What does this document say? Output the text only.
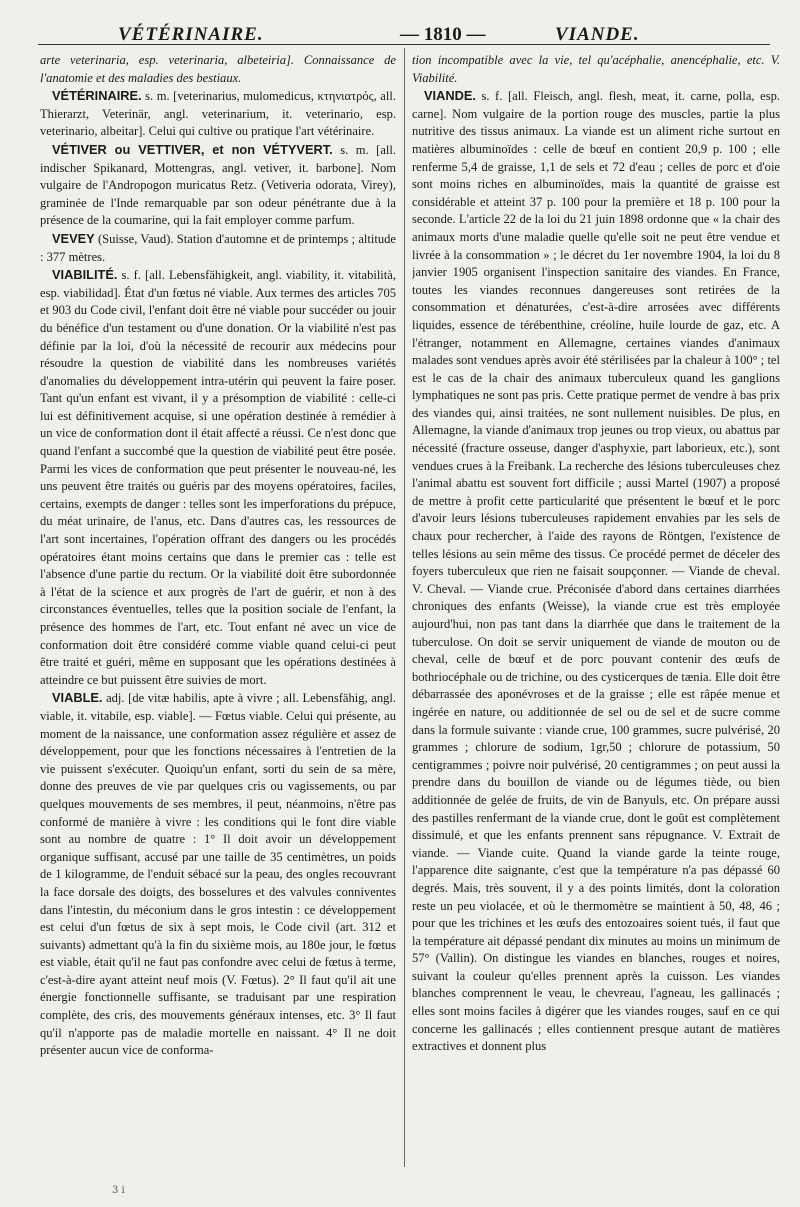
VÉTÉRINAIRE.	— 1810 —	VIANDE.

arte veterinaria, esp. veterinaria, albeteiria]. Connaissance de l'anatomie et des maladies des bestiaux.

VÉTÉRINAIRE. s. m. [veterinarius, mulomedicus, κτηνιατρός, all. Thierarzt, Veterinär, angl. veterinarium, it. veterinario, esp. veterinario, albeitar]. Celui qui cultive ou pratique l'art vétérinaire.

VÉTIVER ou VETTIVER, et non VÉTYVERT. s. m. [all. indischer Spikanard, Mottengras, angl. vetiver, it. barbone]. Nom vulgaire de l'Andropogon muricatus Retz. (Vetiveria odorata, Virey), graminée de l'Inde remarquable par son odeur pénétrante due à la présence de la coumarine, qui la fait employer comme parfum.

VEVEY (Suisse, Vaud). Station d'automne et de printemps ; altitude : 377 mètres.

VIABILITÉ. s. f. [all. Lebensfähigkeit, angl. viability, it. vitabilità, esp. viabilidad]. État d'un fœtus né viable. Aux termes des articles 705 et 903 du Code civil, l'enfant doit être né viable pour succéder ou jouir du bénéfice d'un testament ou d'une donation. Or la viabilité n'est pas définie par la loi, d'où la nécessité de recourir aux médecins pour résoudre la question de viabilité dans les nombreuses variétés d'anomalies du développement intra-utérin qui peuvent la faire poser. Tant qu'un enfant est vivant, il y a présomption de viabilité : celle-ci lui est définitivement acquise, si une opération destinée à remédier à un vice de conformation dont il était affecté a réussi. Ce n'est donc que quand l'enfant a succombé que la question de viabilité peut être posée. Parmi les vices de conformation que peut présenter le nouveau-né, les uns peuvent être traités ou guéris par des moyens opératoires, faciles, certains, exempts de danger : telles sont les imperforations du prépuce, du méat urinaire, de l'anus, etc. Dans d'autres cas, les ressources de l'art sont incertaines, l'opération offrant des dangers ou les procédés opératoires étant moins certains que dans le premier cas : telle est l'absence d'une partie du rectum. Or la viabilité doit être subordonnée à l'état de la science et aux progrès de l'art de guérir, et non à des circonstances éventuelles, telles que la position sociale de l'enfant, la présence des hommes de l'art, etc. Tout enfant né avec un vice de conformation doit être considéré comme viable quand celui-ci peut être traité et guéri, même en supposant que les opérations destinées à atteindre ce but puissent être suivies de mort.

VIABLE. adj. [de vitæ habilis, apte à vivre ; all. Lebensfähig, angl. viable, it. vitabile, esp. viable]. — Fœtus viable. Celui qui présente, au moment de la naissance, une conformation assez régulière et assez de développement, pour que les fonctions nécessaires à l'entretien de la vie puissent s'exécuter. Quoiqu'un enfant, sorti du sein de sa mère, donne des preuves de vie par quelques cris ou vagissements, ou par quelques mouvements de ses membres, il peut, néanmoins, n'être pas conformé de manière à vivre : les conditions qui le font dire viable sont au nombre de quatre : 1° Il doit avoir un développement organique suffisant, accusé par une taille de 35 centimètres, un poids de 1 kilogramme, de l'enduit sébacé sur la peau, des ongles recouvrant la face dorsale des doigts, des bosselures et des valvules conniventes dans l'intestin, du méconium dans le gros intestin : ce développement est celui d'un fœtus de six à sept mois, le Code civil (art. 312 et suivants) admettant qu'à la fin du sixième mois, au 180e jour, le fœtus est viable, était qu'il ne faut pas confondre avec celui de fœtus à terme, c'est-à-dire ayant atteint neuf mois (V. Fœtus). 2° Il faut qu'il ait une énergie fonctionnelle suffisante, se traduisant par une respiration complète, des cris, des mouvements généraux intenses, etc. 3° Il faut qu'il n'apporte pas de maladie mortelle en naissant. 4° Il ne doit présenter aucun vice de conforma-

tion incompatible avec la vie, tel qu'acéphalie, anencéphalie, etc. V. Viabilité.

VIANDE. s. f. [all. Fleisch, angl. flesh, meat, it. carne, polla, esp. carne]. Nom vulgaire de la portion rouge des muscles, partie la plus nutritive des tissus animaux. La viande est un aliment riche surtout en matières albuminoïdes : celle de bœuf en contient 20,9 p. 100 ; elle renferme 5,4 de graisse, 1,1 de sels et 72 d'eau ; celles de porc et d'oie sont moins riches en albuminoïdes, mais la quantité de graisse est considérable et atteint 37 p. 100 pour la première et 18 p. 100 pour la seconde. L'article 22 de la loi du 21 juin 1898 ordonne que « la chair des animaux morts d'une maladie quelle qu'elle soit ne peut être vendue et livrée à la consommation » ; le décret du 1er novembre 1904, la loi du 8 janvier 1905 organisent l'inspection sanitaire des viandes. En France, toutes les viandes reconnues dangereuses sont retirées de la consommation et dénaturées, c'est-à-dire arrosées avec différents liquides, essence de térébenthine, créoline, huile lourde de gaz, etc. A l'étranger, notamment en Allemagne, certaines viandes d'animaux malades sont vendues après avoir été stérilisées par la chaleur à 100° ; tel est le cas de la chair des animaux tuberculeux quand les ganglions lymphatiques ne sont pas pris. Cette pratique permet de vendre à bas prix des viandes qui, ainsi traitées, ne sont nullement nuisibles. De plus, en Allemagne, la viande d'animaux trop jeunes ou trop vieux, ou abattus par nécessité (fracture osseuse, danger d'asphyxie, part laborieux, etc.), sont vendues crues à la Freibank. La recherche des lésions tuberculeuses chez l'animal abattu est souvent fort difficile ; aussi Martel (1907) a proposé de mettre à profit cette particularité que présentent le bœuf et le porc d'avoir leurs lésions tuberculeuses rapidement envahies par les sels de chaux pour rechercher, à l'aide des rayons de Röntgen, l'existence de telles lésions au sein même des tissus. Ce procédé permet de déceler des foyers tuberculeux que rien ne faisait soupçonner. — Viande de cheval. V. Cheval. — Viande crue. Préconisée d'abord dans certaines diarrhées chroniques des enfants (Weisse), la viande crue est très employée aujourd'hui, non pas tant dans la diarrhée que dans le traitement de la tuberculose. On doit se servir uniquement de viande de mouton ou de cheval, celle de bœuf et de porc pouvant contenir des œufs de bothriocéphale ou de trichine, ou des cysticerques de tænia. Elle doit être débarrassée des aponévroses et de la graisse ; elle est râpée menue et ingérée en nature, ou additionnée de sel ou de sel et de sucre comme dans la formule suivante : viande crue, 100 grammes, sucre pulvérisé, 20 grammes ; chlorure de sodium, 1gr,50 ; chlorure de potassium, 50 centigrammes ; poivre noir pulvérisé, 20 centigrammes ; on peut aussi la prendre dans du bouillon de viande ou de légumes tiède, ou bien additionnée de gelée de fruits, de vin de Banyuls, etc. On prépare aussi des pastilles renfermant de la viande crue, dont le goût est complètement dissimulé, et que les enfants prennent sans répugnance. V. Extrait de viande. — Viande cuite. Quand la viande garde la teinte rouge, l'apparence dite saignante, c'est que la température n'a pas dépassé 60 degrés. Mais, très souvent, il y a des points limités, dont la coloration reste un peu violacée, et où le thermomètre se maintient à 50, 48, 46 ; pour que les trichines et les œufs des entozoaires soient tués, il faut que la température ait dépassé pendant dix minutes au moins un minimum de 57° (Vallin). On distingue les viandes en blanches, rouges et noires, suivant la couleur qu'elles prennent après la cuisson. Les viandes blanches comprennent le veau, le chevreau, l'agneau, les gallinacés ; elles sont moins faciles à digérer que les viandes rouges, sauf en ce qui concerne les gallinacés ; elles contiennent presque autant de matières extractives et donnent plus

3 i
